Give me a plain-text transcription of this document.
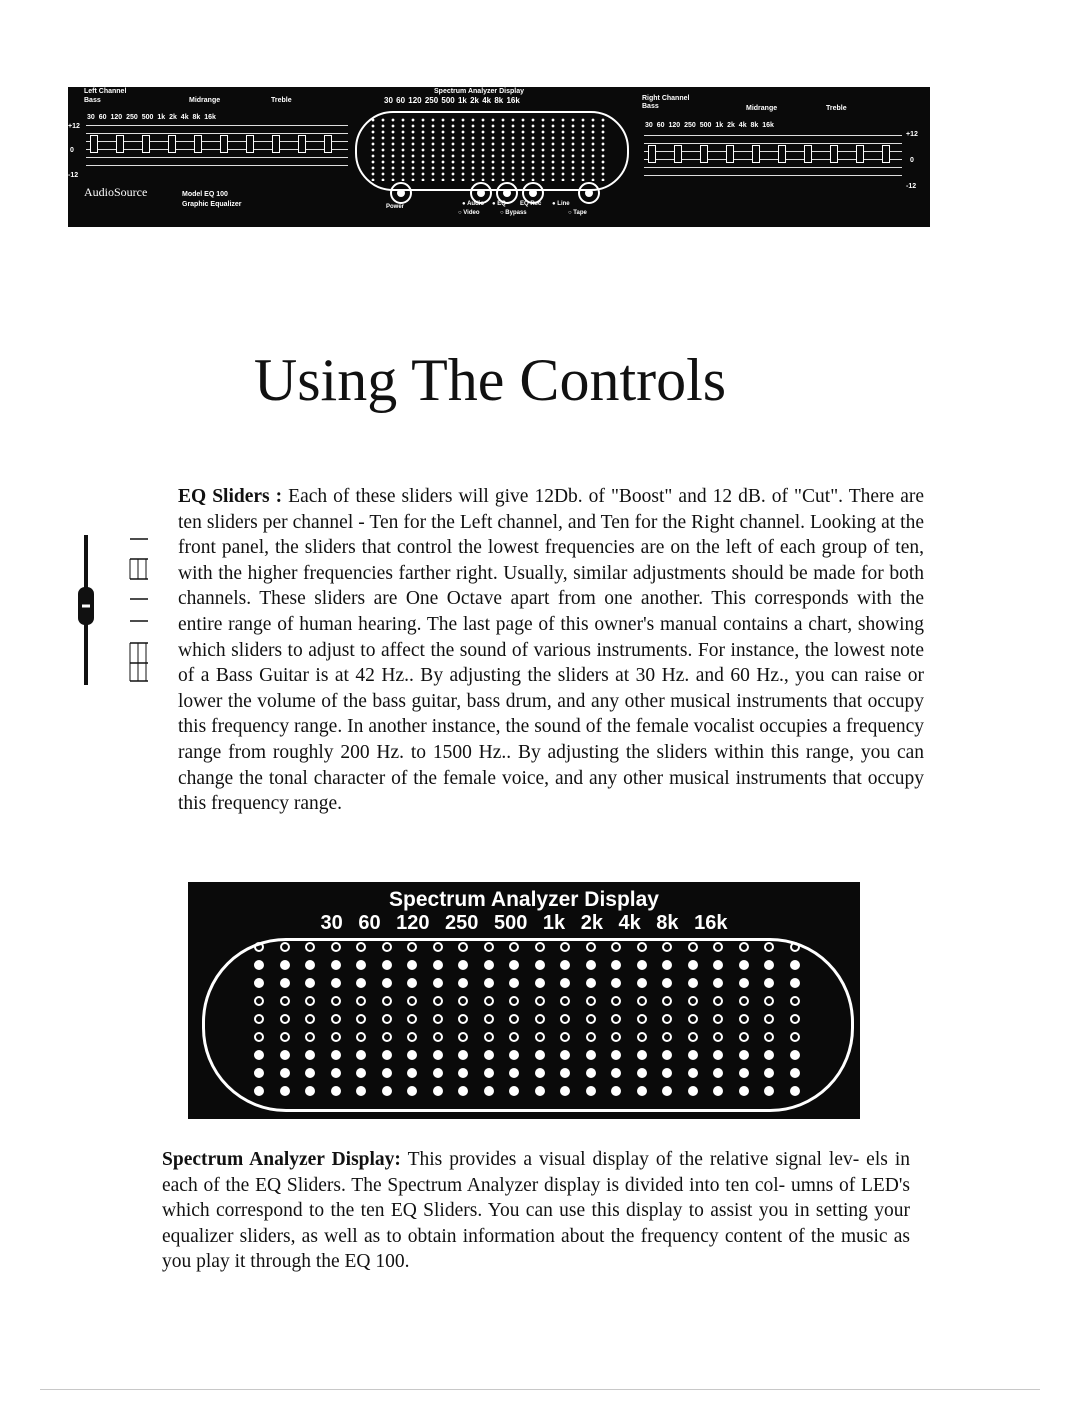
Left Channel
Bass	Midrange	Treble
30 60 120 250 500 1k 2k 4k 8k 16k
+12
0
-12
AudioSource	Model EQ 100
Graphic Equalizer
Spectrum Analyzer Display
30 60 120 250 500 1k 2k 4k 8k 16k
Power	● Audio ● EQ EQ Rec ● Line
○ Video	○ Bypass	○ Tape
Right Channel
Bass	Midrange	Treble
30 60 120 250 500 1k 2k 4k 8k 16k
+12
0
-12
Using The Controls
EQ Sliders : Each of these sliders will give 12Db. of "Boost" and 12 dB. of "Cut". There are ten sliders per channel - Ten for the Left channel, and Ten for the Right channel. Looking at the front panel, the sliders that control the lowest frequencies are on the left of each group of ten, with the higher frequencies farther right. Usually, similar adjustments should be made for both channels. These sliders are One Octave apart from one another. This corresponds with the entire range of human hearing. The last page of this owner's manual contains a chart, showing which sliders to adjust to affect the sound of various instruments. For instance, the lowest note of a Bass Guitar is at 42 Hz.. By adjusting the sliders at 30 Hz. and 60 Hz., you can raise or lower the volume of the bass guitar, bass drum, and any other musical instruments that occupy this frequency range. In another instance, the sound of the female vocalist occupies a frequency range from roughly 200 Hz. to 1500 Hz.. By adjusting the sliders within this range, you can change the tonal character of the female voice, and any other musical instruments that occupy this frequency range.
Spectrum Analyzer Display
30 60 120 250 500 1k 2k 4k 8k 16k
Spectrum Analyzer Display: This provides a visual display of the relative signal lev- els in each of the EQ Sliders. The Spectrum Analyzer display is divided into ten col- umns of LED's which correspond to the ten EQ Sliders. You can use this display to assist you in setting your equalizer sliders, as well as to obtain information about the frequency content of the music as you play it through the EQ 100.
